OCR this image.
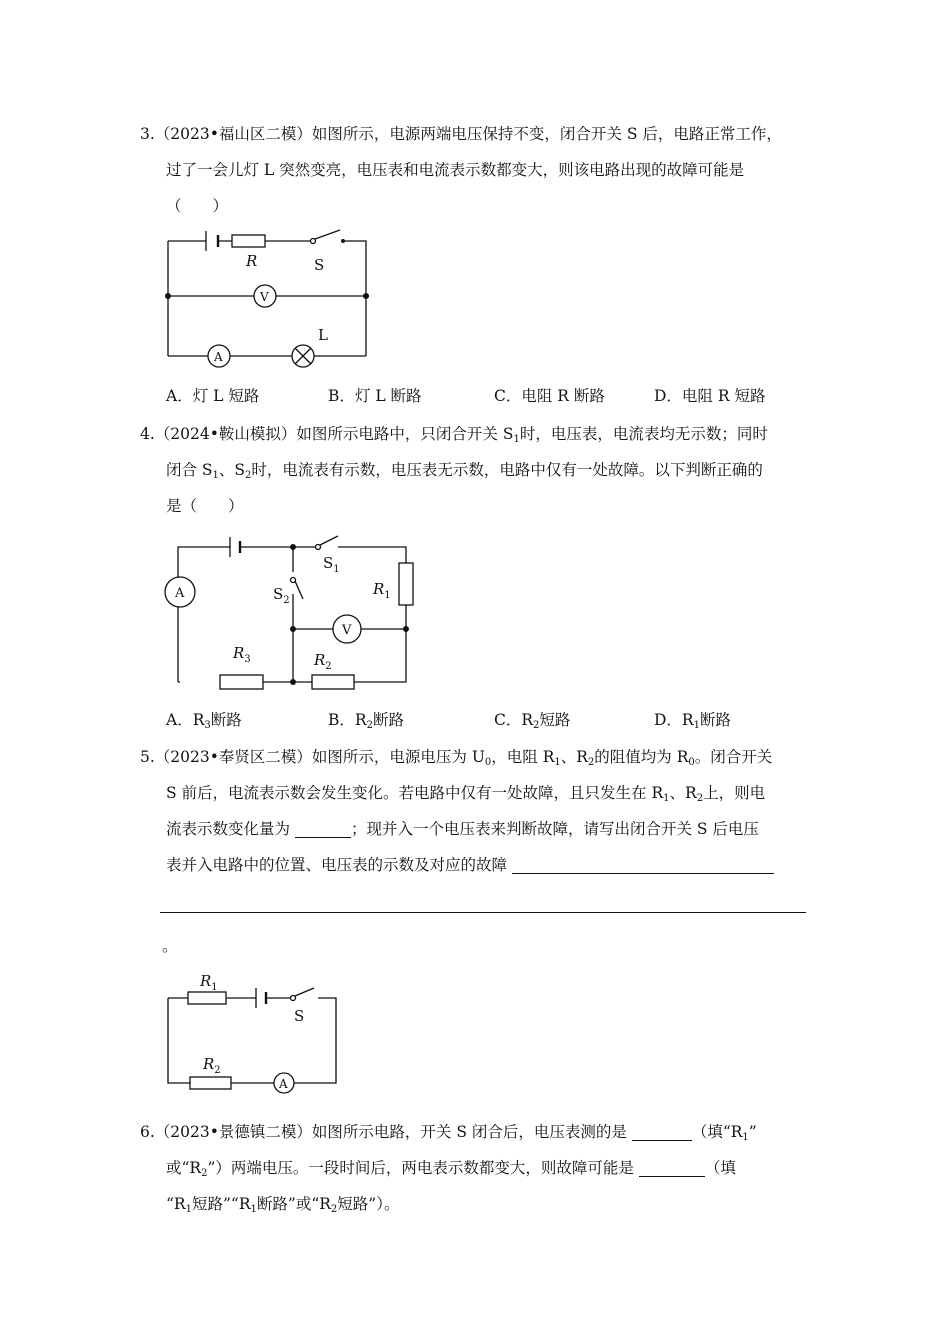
3.（2023•福山区二模）如图所示，电源两端电压保持不变，闭合开关 S 后，电路正常工作，
过了一会儿灯 L 突然变亮，电压表和电流表示数都变大，则该电路出现的故障可能是
（　　）
R	S
V
A
L
A．灯 L 短路	B．灯 L 断路	C．电阻 R 断路	D．电阻 R 短路
4.（2024•鞍山模拟）如图所示电路中，只闭合开关 $S_1$时，电压表，电流表均无示数；同时
闭合 $S_1$、$S_2$时，电流表有示数，电压表无示数，电路中仅有一处故障。以下判断正确的
是（　　）
$S_1$
$S_2$
$R_1$
V
A
$R_3$	$R_2$
A．$R_3$断路	B．$R_2$断路	C．$R_2$短路	D．$R_1$断路
5.（2023•奉贤区二模）如图所示，电源电压为 $U_0$，电阻 $R_1$、$R_2$的阻值均为 $R_0$。闭合开关
S 前后，电流表示数会发生变化。若电路中仅有一处故障，且只发生在 $R_1$、$R_2$上，则电
流表示数变化量为	；现并入一个电压表来判断故障，请写出闭合开关 S 后电压
表并入电路中的位置、电压表的示数及对应的故障
。
$R_1$
S
$R_2$
A
6.（2023•景德镇二模）如图所示电路，开关 S 闭合后，电压表测的是	（填“$R_1$”
或“$R_2$”）两端电压。一段时间后，两电表示数都变大，则故障可能是	（填
“$R_1$短路$”“R_1$断路”或“$R_2$短路”）。
